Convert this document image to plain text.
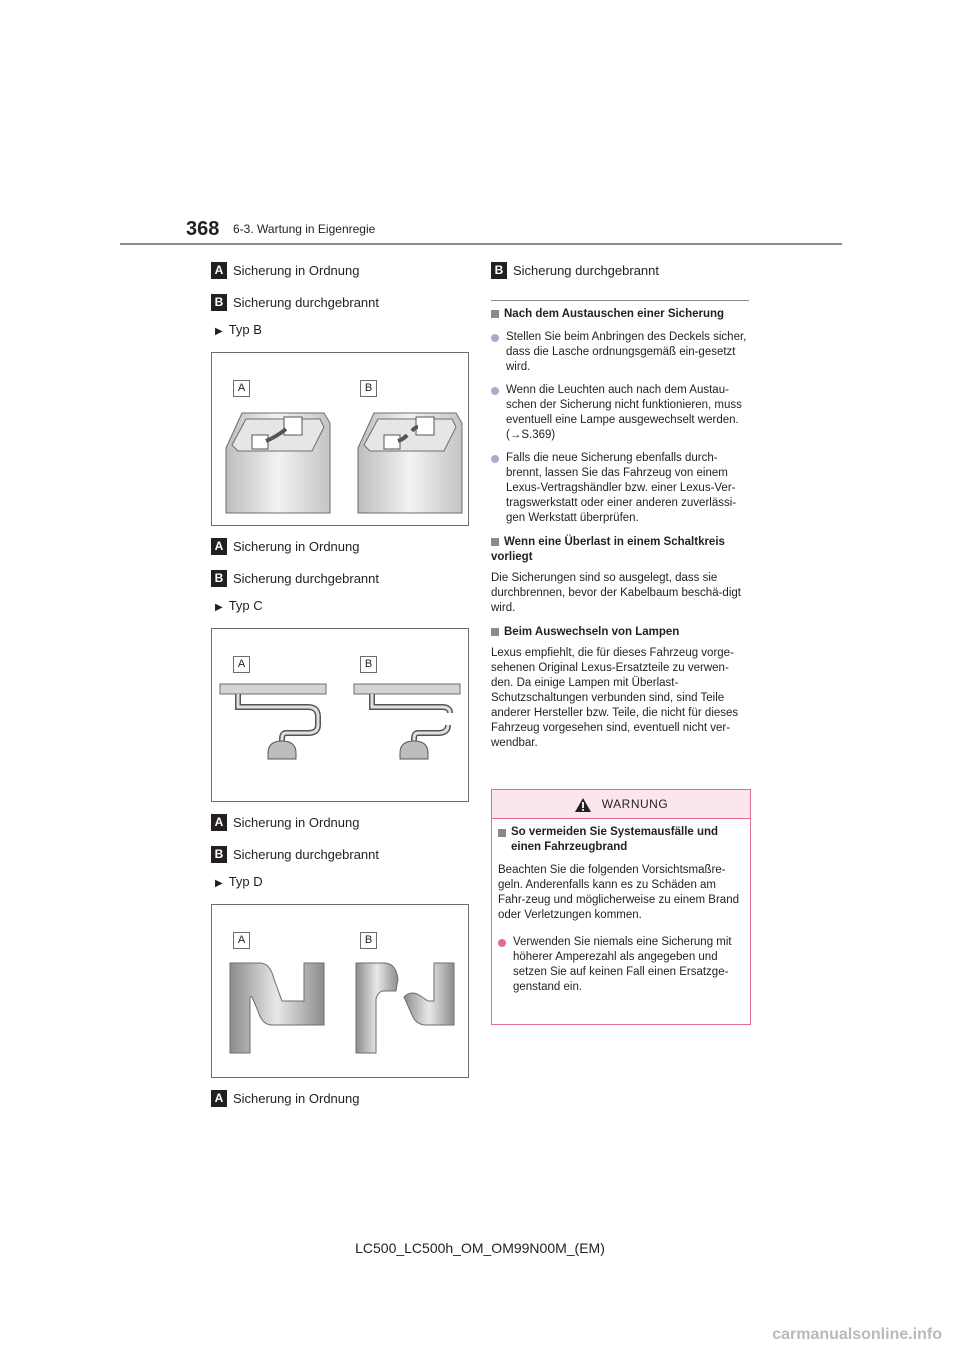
368 6-3. Wartung in Eigenregie
A Sicherung in Ordnung
B Sicherung durchgebrannt
▶ Typ B
A	B
A Sicherung in Ordnung
B Sicherung durchgebrannt
▶ Typ C
A	B
A Sicherung in Ordnung
B Sicherung durchgebrannt
▶ Typ D
A	B
A Sicherung in Ordnung
B Sicherung durchgebrannt
Nach dem Austauschen einer Sicherung
Stellen Sie beim Anbringen des Deckels sicher, dass die Lasche ordnungsgemäß ein-gesetzt wird.
Wenn die Leuchten auch nach dem Austau-schen der Sicherung nicht funktionieren, muss eventuell eine Lampe ausgewechselt werden. (→S.369)
Falls die neue Sicherung ebenfalls durch-brennt, lassen Sie das Fahrzeug von einem Lexus-Vertragshändler bzw. einer Lexus-Ver-tragswerkstatt oder einer anderen zuverlässi-gen Werkstatt überprüfen.
Wenn eine Überlast in einem Schaltkreis vorliegt
Die Sicherungen sind so ausgelegt, dass sie durchbrennen, bevor der Kabelbaum beschä-digt wird.
Beim Auswechseln von Lampen
Lexus empfiehlt, die für dieses Fahrzeug vorge-sehenen Original Lexus-Ersatzteile zu verwen-den. Da einige Lampen mit Überlast-Schutzschaltungen verbunden sind, sind Teile anderer Hersteller bzw. Teile, die nicht für dieses Fahrzeug vorgesehen sind, eventuell nicht ver-wendbar.
WARNUNG
So vermeiden Sie Systemausfälle und einen Fahrzeugbrand
Beachten Sie die folgenden Vorsichtsmaßre-geln. Anderenfalls kann es zu Schäden am Fahr-zeug und möglicherweise zu einem Brand oder Verletzungen kommen.
Verwenden Sie niemals eine Sicherung mit höherer Amperezahl als angegeben und setzen Sie auf keinen Fall einen Ersatzge-genstand ein.
LC500_LC500h_OM_OM99N00M_(EM)
carmanualsonline.info
